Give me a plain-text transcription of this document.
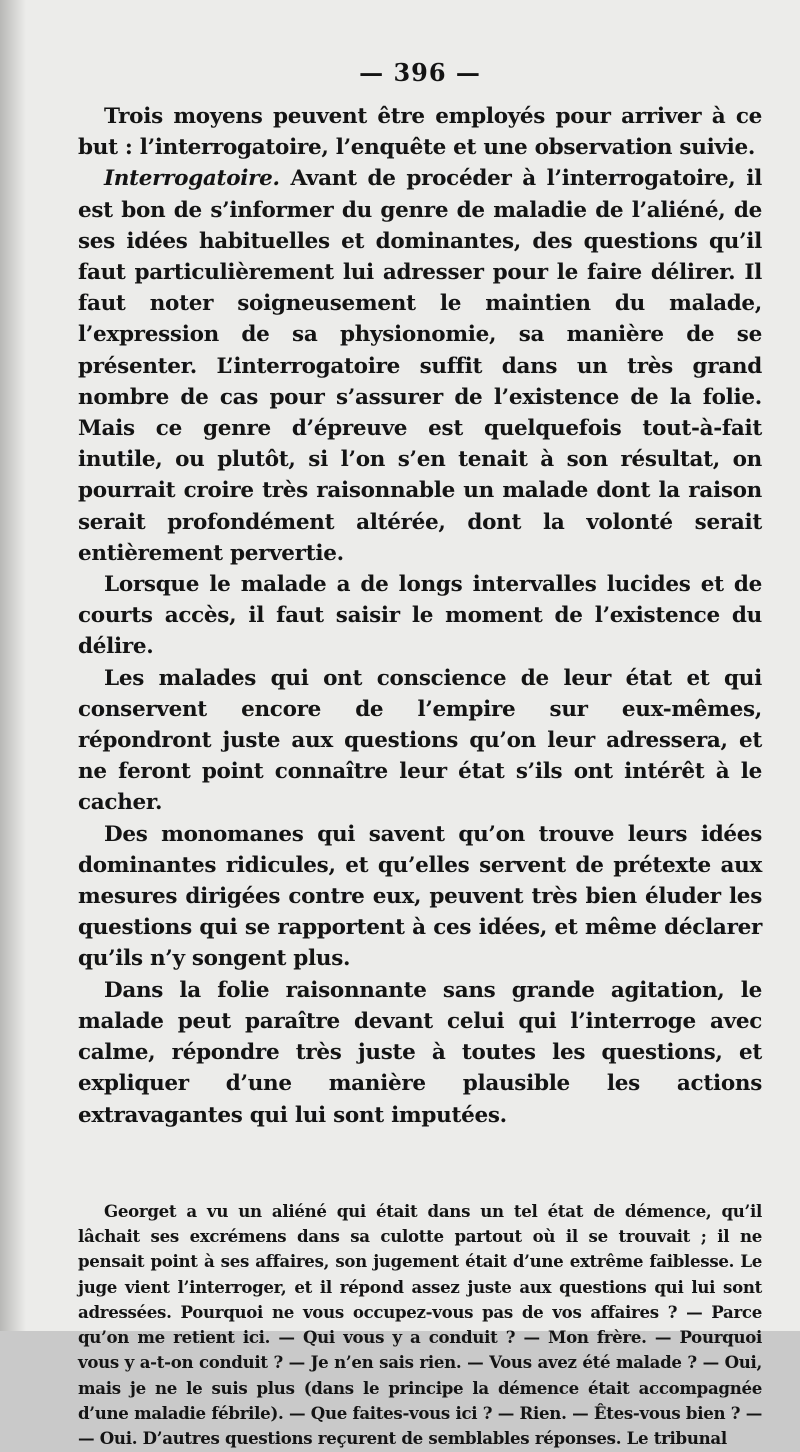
— 396 —

Trois moyens peuvent être employés pour arriver à ce but : l’interrogatoire, l’enquête et une observation suivie.

Interrogatoire. Avant de procéder à l’interrogatoire, il est bon de s’informer du genre de maladie de l’aliéné, de ses idées habituelles et dominantes, des questions qu’il faut particulièrement lui adresser pour le faire délirer. Il faut noter soigneusement le maintien du malade, l’expression de sa physionomie, sa manière de se présenter. L’interrogatoire suffit dans un très grand nombre de cas pour s’assurer de l’existence de la folie. Mais ce genre d’épreuve est quelquefois tout-à-fait inutile, ou plutôt, si l’on s’en tenait à son résultat, on pourrait croire très raisonnable un malade dont la raison serait profondément altérée, dont la volonté serait entièrement pervertie.

Lorsque le malade a de longs intervalles lucides et de courts accès, il faut saisir le moment de l’existence du délire.

Les malades qui ont conscience de leur état et qui conservent encore de l’empire sur eux-mêmes, répondront juste aux questions qu’on leur adressera, et ne feront point connaître leur état s’ils ont intérêt à le cacher.

Des monomanes qui savent qu’on trouve leurs idées dominantes ridicules, et qu’elles servent de prétexte aux mesures dirigées contre eux, peuvent très bien éluder les questions qui se rapportent à ces idées, et même déclarer qu’ils n’y songent plus.

Dans la folie raisonnante sans grande agitation, le malade peut paraître devant celui qui l’interroge avec calme, répondre très juste à toutes les questions, et expliquer d’une manière plausible les actions extravagantes qui lui sont imputées.

Georget a vu un aliéné qui était dans un tel état de démence, qu’il lâchait ses excrémens dans sa culotte partout où il se trouvait ; il ne pensait point à ses affaires, son jugement était d’une extrême faiblesse. Le juge vient l’interroger, et il répond assez juste aux questions qui lui sont adressées. Pourquoi ne vous occupez-vous pas de vos affaires ? — Parce qu’on me retient ici. — Qui vous y a conduit ? — Mon frère. — Pourquoi vous y a-t-on conduit ? — Je n’en sais rien. — Vous avez été malade ? — Oui, mais je ne le suis plus (dans le principe la démence était accompagnée d’une maladie fébrile). — Que faites-vous ici ? — Rien. — Êtes-vous bien ? — — Oui. D’autres questions reçurent de semblables réponses. Le tribunal
